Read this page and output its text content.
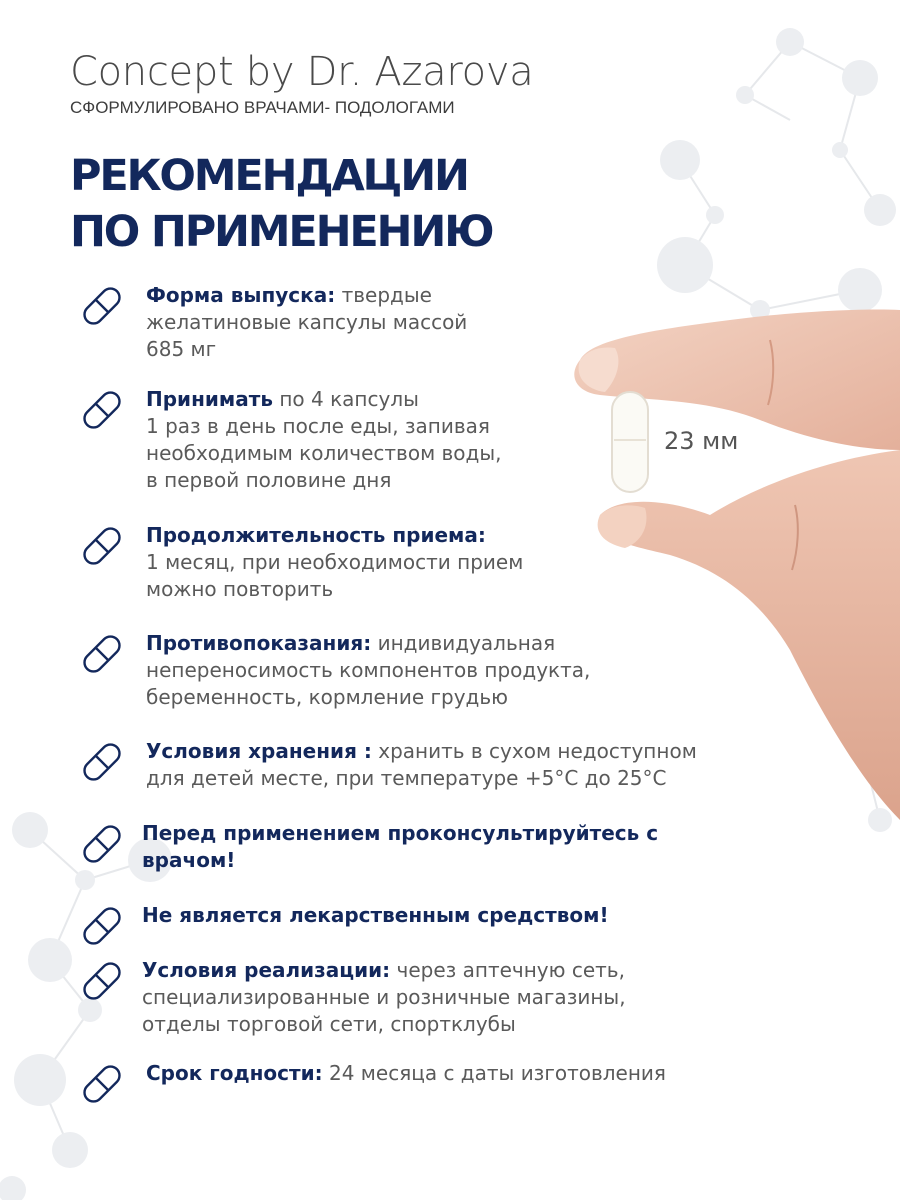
Concept by Dr. Azarova
СФОРМУЛИРОВАНО ВРАЧАМИ- ПОДОЛОГАМИ
РЕКОМЕНДАЦИИ
ПО ПРИМЕНЕНИЮ
23 мм
Форма выпуска: твердые
желатиновые капсулы массой
685 мг
Принимать по 4 капсулы
1 раз в день после еды, запивая
необходимым количеством воды,
в первой половине дня
Продолжительность приема:
1 месяц, при необходимости прием
можно повторить
Противопоказания: индивидуальная
непереносимость компонентов продукта,
беременность, кормление грудью
Условия хранения : хранить в сухом недоступном
для детей месте, при температуре +5°C до 25°C
Перед применением проконсультируйтесь с
врачом!
Не является лекарственным средством!
Условия реализации: через аптечную сеть,
специализированные и розничные магазины,
отделы торговой сети, спортклубы
Срок годности: 24 месяца с даты изготовления
